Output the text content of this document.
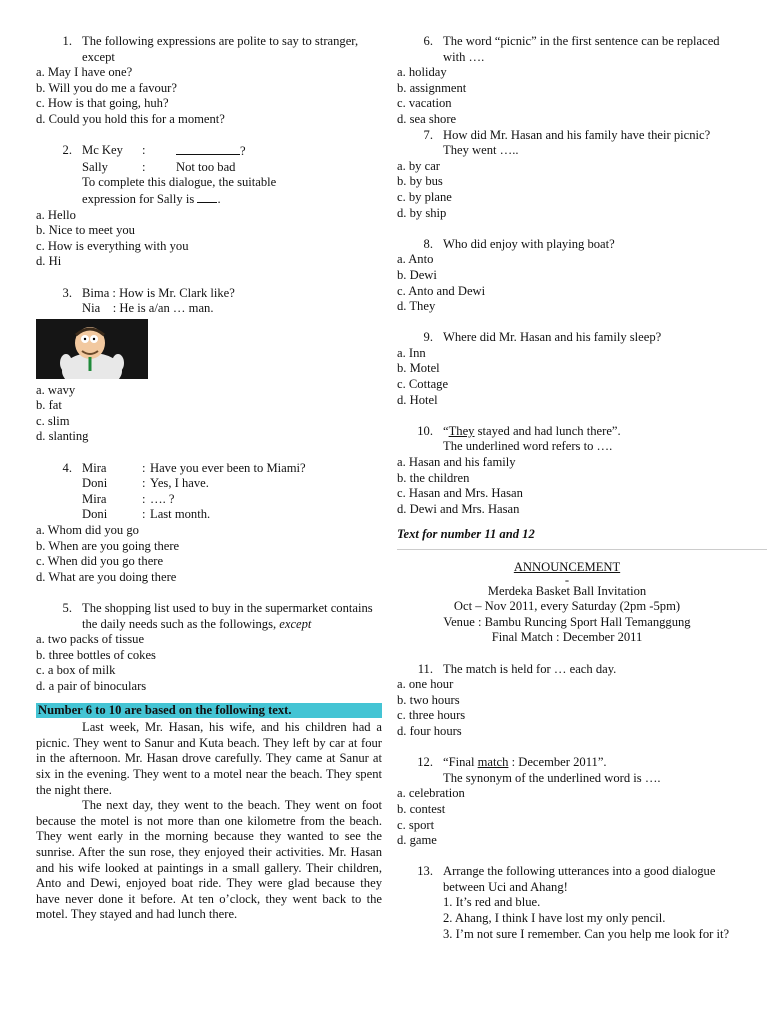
1. The following expressions are polite to say to stranger, except
a. May I have one?
b. Will you do me a favour?
c. How is that going, huh?
d. Could you hold this for a moment?
2. Mc Key	:	?
Sally	:	Not too bad
To complete this dialogue, the suitable
expression for Sally is .
a. Hello
b. Nice to meet you
c. How is everything with you
d. Hi
3. Bima : How is Mr. Clark like?
Nia    : He is a/an … man.
a. wavy
b. fat
c. slim
d. slanting
4. Mira	: Have you ever been to Miami?
Doni	: Yes, I have.
Mira	: …. ?
Doni	: Last month.
a. Whom did you go
b. When are you going there
c. When did you go there
d. What are you doing there
5. The shopping list used to buy in the supermarket contains the daily needs such as the followings, except
a. two packs of tissue
b. three bottles of cokes
c. a box of milk
d. a pair of binoculars
Number 6 to 10 are based on the following text.

Last week, Mr. Hasan, his wife, and his children had a picnic. They went to Sanur and Kuta beach. They left by car at four in the afternoon. Mr. Hasan drove carefully. They came at Sanur at six in the evening. They went to a motel near the beach. They spent the night there.

The next day, they went to the beach. They went on foot because the motel is not more than one kilometre from the beach. They went early in the morning because they wanted to see the sunrise. After the sun rose, they enjoyed their activities. Mr. Hasan and his wife looked at paintings in a small gallery. Their children, Anto and Dewi, enjoyed boat ride. They were glad because they have never done it before. At ten o’clock, they went back to the motel. They stayed and had lunch there.

6. The word “picnic” in the first sentence can be replaced with ….
a. holiday
b. assignment
c. vacation
d. sea shore
7. How did Mr. Hasan and his family have their picnic? They went …..
a. by car
b. by bus
c. by plane
d. by ship
8. Who did enjoy with playing boat?
a. Anto
b. Dewi
c. Anto and Dewi
d. They
9. Where did Mr. Hasan and his family sleep?
a. Inn
b. Motel
c. Cottage
d. Hotel
10. “They stayed and had lunch there”.
The underlined word refers to ….
a. Hasan and his family
b. the children
c. Hasan and Mrs. Hasan
d. Dewi and Mrs. Hasan
Text for number 11 and 12
ANNOUNCEMENT
-
Merdeka Basket Ball Invitation
Oct – Nov 2011, every Saturday (2pm -5pm)
Venue : Bambu Runcing Sport Hall Temanggung
Final Match : December 2011
11. The match is held for … each day.
a. one hour
b. two hours
c. three hours
d. four hours
12. “Final match : December 2011”.
The synonym of the underlined word is ….
a. celebration
b. contest
c. sport
d. game
13. Arrange the following utterances into a good dialogue between Uci and Ahang!
1. It’s red and blue.
2. Ahang, I think I have lost my only pencil.
3. I’m not sure I remember. Can you help me look for it?
